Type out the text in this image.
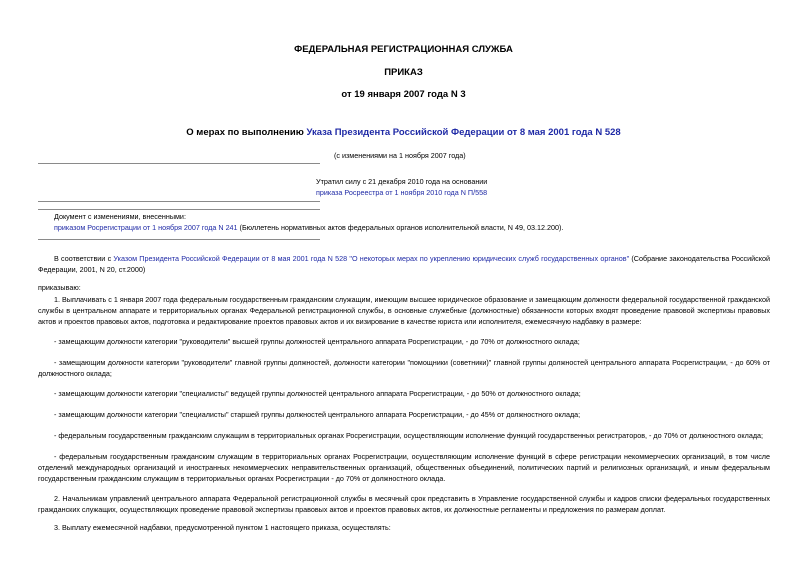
ФЕДЕРАЛЬНАЯ РЕГИСТРАЦИОННАЯ СЛУЖБА
ПРИКАЗ
от 19 января 2007 года N 3
О мерах по выполнению Указа Президента Российской Федерации от 8 мая 2001 года N 528
(с изменениями на 1 ноября 2007 года)
Утратил силу с 21 декабря 2010 года на основании
приказа Росреестра от 1 ноября 2010 года N П/558
Документ с изменениями, внесенными:
приказом Росрегистрации от 1 ноября 2007 года N 241 (Бюллетень нормативных актов федеральных органов исполнительной власти, N 49, 03.12.200).
В соответствии с Указом Президента Российской Федерации от 8 мая 2001 года N 528 "О некоторых мерах по укреплению юридических служб государственных органов" (Собрание законодательства Российской Федерации, 2001, N 20, ст.2000)
приказываю:
1. Выплачивать с 1 января 2007 года федеральным государственным гражданским служащим, имеющим высшее юридическое образование и замещающим должности федеральной государственной гражданской службы в центральном аппарате и территориальных органах Федеральной регистрационной службы, в основные служебные (должностные) обязанности которых входят проведение правовой экспертизы правовых актов и проектов правовых актов, подготовка и редактирование проектов правовых актов и их визирование в качестве юриста или исполнителя, ежемесячную надбавку в размере:
- замещающим должности категории "руководители" высшей группы должностей центрального аппарата Росрегистрации, - до 70% от должностного оклада;
- замещающим должности категории "руководители" главной группы должностей, должности категории "помощники (советники)" главной группы должностей центрального аппарата Росрегистрации, - до 60% от должностного оклада;
- замещающим должности категории "специалисты" ведущей группы должностей центрального аппарата Росрегистрации, - до 50% от должностного оклада;
- замещающим должности категории "специалисты" старшей группы должностей центрального аппарата Росрегистрации, - до 45% от должностного оклада;
- федеральным государственным гражданским служащим в территориальных органах Росрегистрации, осуществляющим исполнение функций государственных регистраторов, - до 70% от должностного оклада;
- федеральным государственным гражданским служащим в территориальных органах Росрегистрации, осуществляющим исполнение функций в сфере регистрации некоммерческих организаций, в том числе отделений международных организаций и иностранных некоммерческих неправительственных организаций, общественных объединений, политических партий и религиозных организаций, и иным федеральным государственным гражданским служащим в территориальных органах Росрегистрации - до 70% от должностного оклада.
2. Начальникам управлений центрального аппарата Федеральной регистрационной службы в месячный срок представить в Управление государственной службы и кадров списки федеральных государственных гражданских служащих, осуществляющих проведение правовой экспертизы правовых актов и проектов правовых актов, их должностные регламенты и предложения по размерам доплат.
3. Выплату ежемесячной надбавки, предусмотренной пунктом 1 настоящего приказа, осуществлять:
